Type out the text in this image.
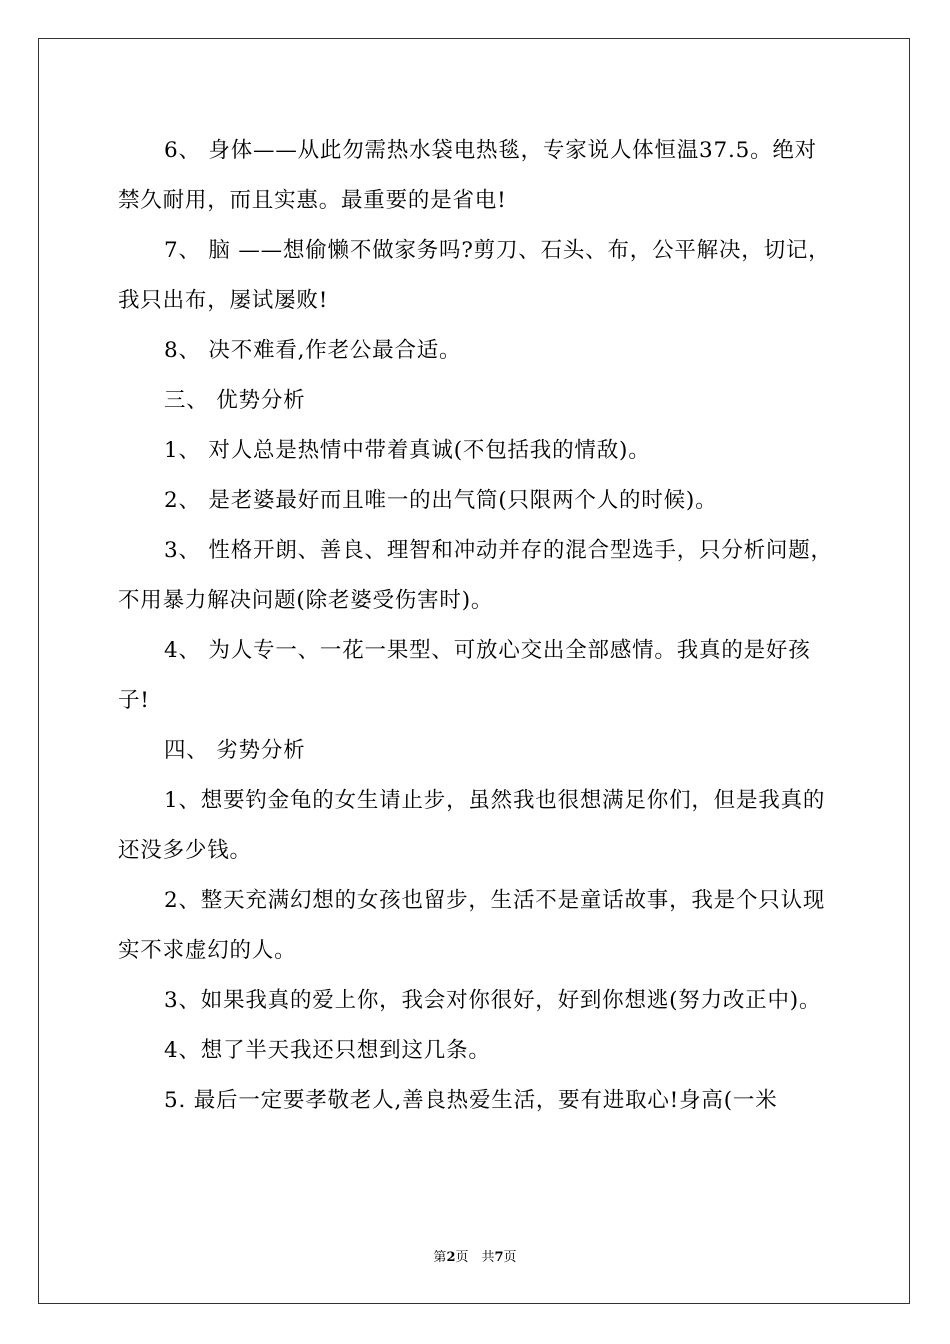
6、 身体——从此勿需热水袋电热毯，专家说人体恒温37.5。绝对禁久耐用，而且实惠。最重要的是省电!

7、 脑 ——想偷懒不做家务吗?剪刀、石头、布，公平解决，切记，我只出布，屡试屡败!

8、 决不难看,作老公最合适。

三、 优势分析

1、 对人总是热情中带着真诚(不包括我的情敌)。

2、 是老婆最好而且唯一的出气筒(只限两个人的时候)。

3、 性格开朗、善良、理智和冲动并存的混合型选手，只分析问题，不用暴力解决问题(除老婆受伤害时)。

4、 为人专一、一花一果型、可放心交出全部感情。我真的是好孩子!

四、 劣势分析

1、想要钓金龟的女生请止步，虽然我也很想满足你们，但是我真的还没多少钱。

2、整天充满幻想的女孩也留步，生活不是童话故事，我是个只认现实不求虚幻的人。

3、如果我真的爱上你，我会对你很好，好到你想逃(努力改正中)。

4、想了半天我还只想到这几条。

5. 最后一定要孝敬老人,善良热爱生活，要有进取心!身高(一米

第2页　共7页
